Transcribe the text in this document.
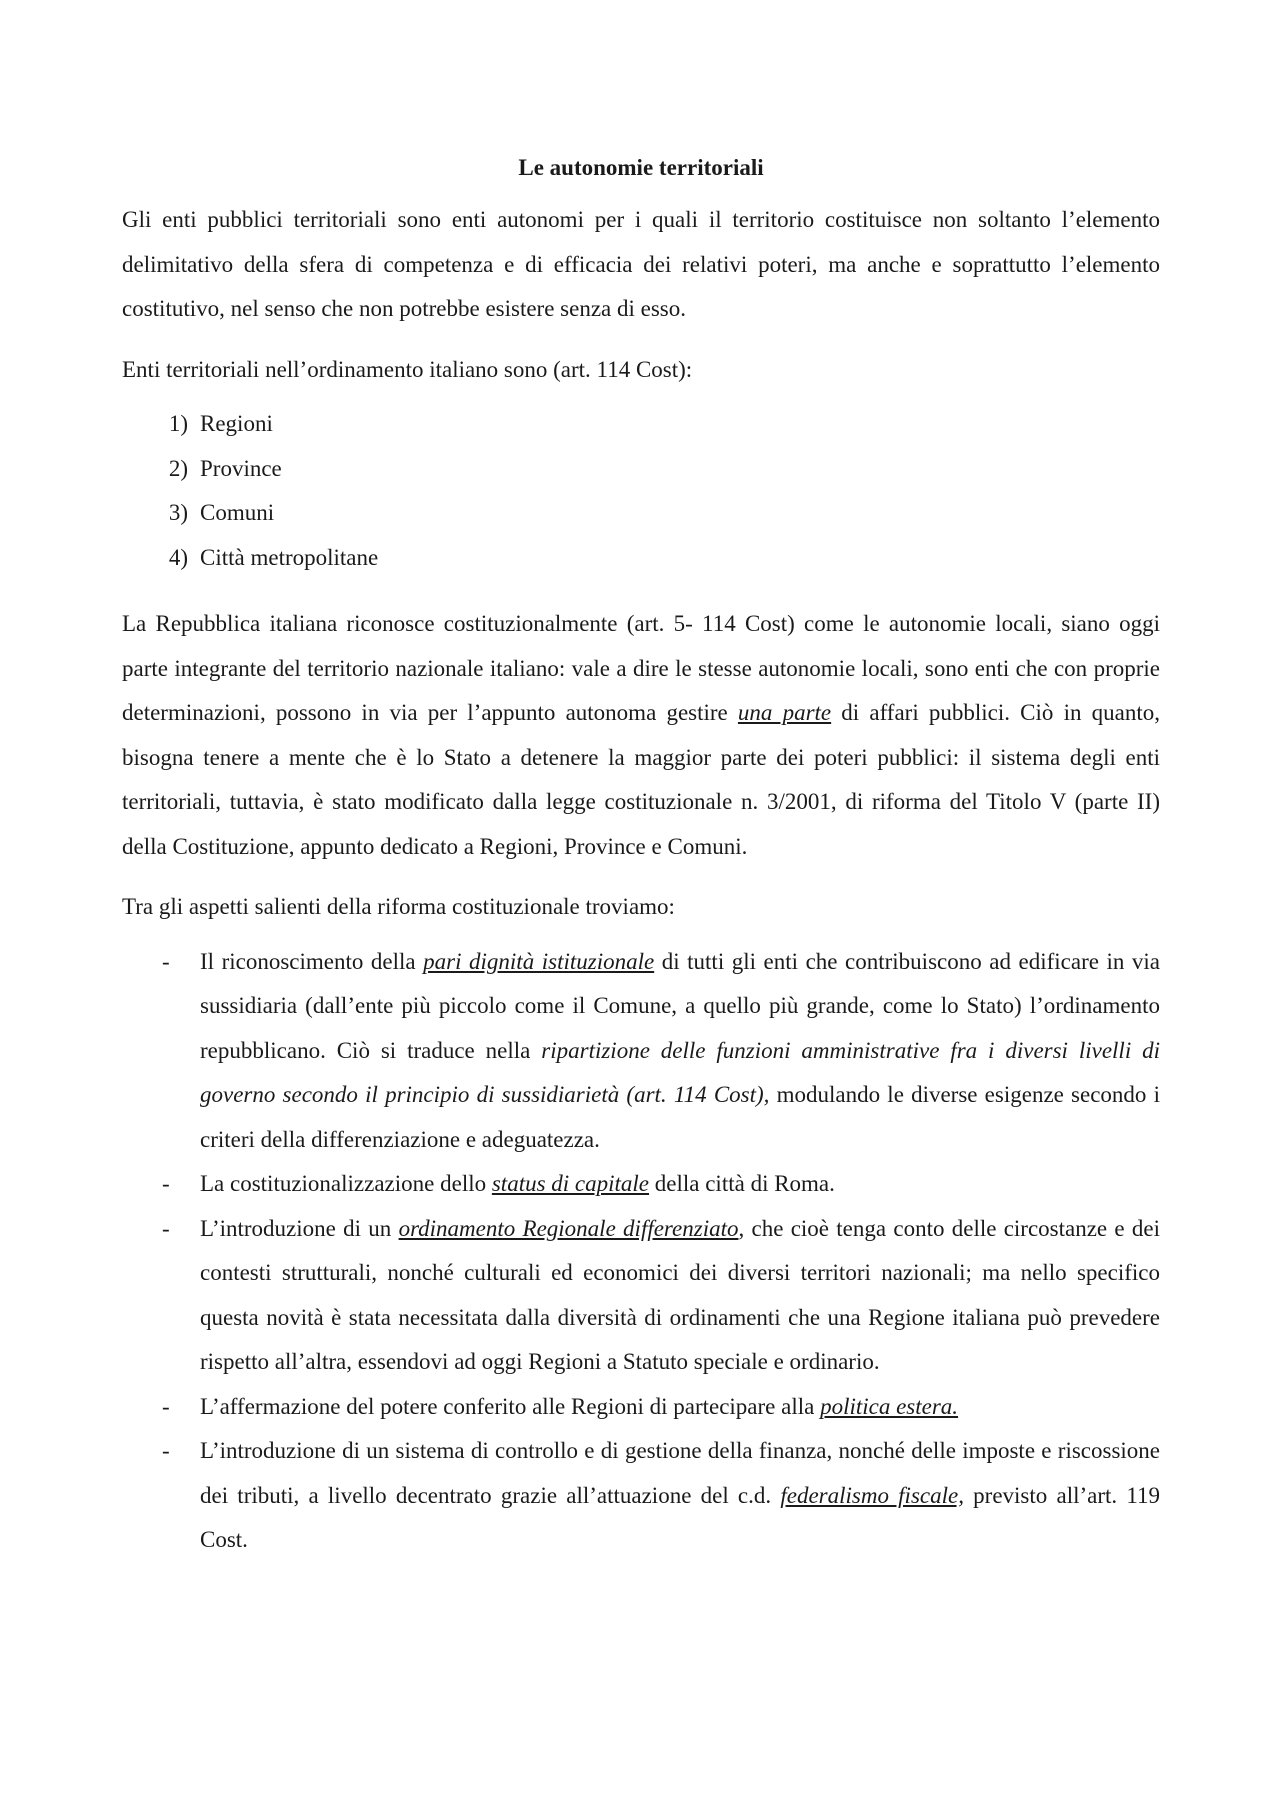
Le autonomie territoriali
Gli enti pubblici territoriali sono enti autonomi per i quali il territorio costituisce non soltanto l’elemento delimitativo della sfera di competenza e di efficacia dei relativi poteri, ma anche e soprattutto l’elemento costitutivo, nel senso che non potrebbe esistere senza di esso.
Enti territoriali nell’ordinamento italiano sono (art. 114 Cost):
1) Regioni
2) Province
3) Comuni
4) Città metropolitane
La Repubblica italiana riconosce costituzionalmente (art. 5- 114 Cost) come le autonomie locali, siano oggi parte integrante del territorio nazionale italiano: vale a dire le stesse autonomie locali, sono enti che con proprie determinazioni, possono in via per l’appunto autonoma gestire una parte di affari pubblici. Ciò in quanto, bisogna tenere a mente che è lo Stato a detenere la maggior parte dei poteri pubblici: il sistema degli enti territoriali, tuttavia, è stato modificato dalla legge costituzionale n. 3/2001, di riforma del Titolo V (parte II) della Costituzione, appunto dedicato a Regioni, Province e Comuni.
Tra gli aspetti salienti della riforma costituzionale troviamo:
-	Il riconoscimento della pari dignità istituzionale di tutti gli enti che contribuiscono ad edificare in via sussidiaria (dall’ente più piccolo come il Comune, a quello più grande, come lo Stato) l’ordinamento repubblicano. Ciò si traduce nella ripartizione delle funzioni amministrative fra i diversi livelli di governo secondo il principio di sussidiarietà (art. 114 Cost), modulando le diverse esigenze secondo i criteri della differenziazione e adeguatezza.
-	La costituzionalizzazione dello status di capitale della città di Roma.
-	L’introduzione di un ordinamento Regionale differenziato, che cioè tenga conto delle circostanze e dei contesti strutturali, nonché culturali ed economici dei diversi territori nazionali; ma nello specifico questa novità è stata necessitata dalla diversità di ordinamenti che una Regione italiana può prevedere rispetto all’altra, essendovi ad oggi Regioni a Statuto speciale e ordinario.
-	L’affermazione del potere conferito alle Regioni di partecipare alla politica estera.
-	L’introduzione di un sistema di controllo e di gestione della finanza, nonché delle imposte e riscossione dei tributi, a livello decentrato grazie all’attuazione del c.d. federalismo fiscale, previsto all’art. 119 Cost.
